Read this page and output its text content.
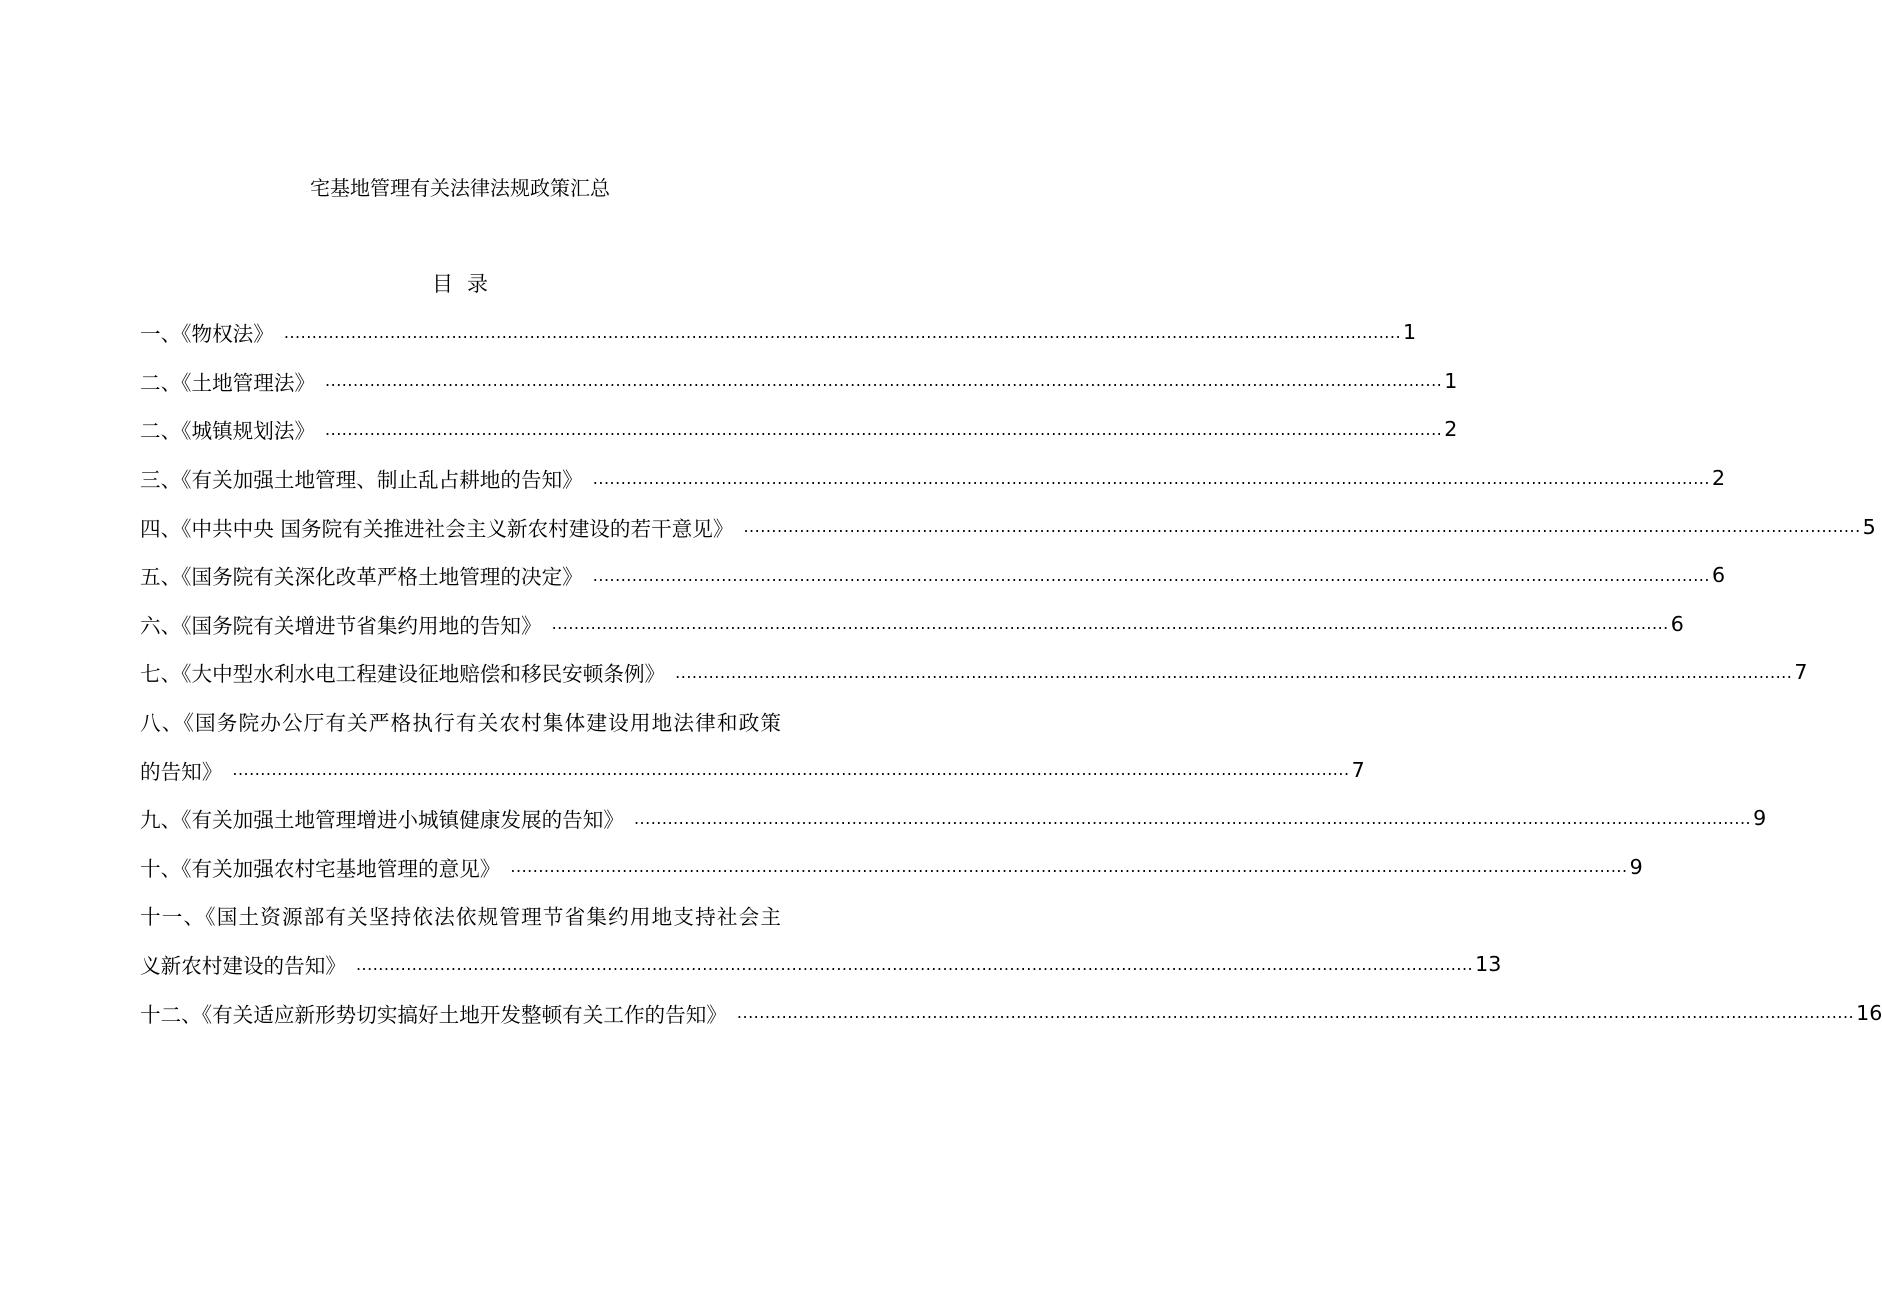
宅基地管理有关法律法规政策汇总
目录
一、《物权法》 ........................................................................................................................................................................................................ 1
二、《土地管理法》 ........................................................................................................................................................................................................ 1
二、《城镇规划法》 ........................................................................................................................................................................................................ 2
三、《有关加强土地管理、制止乱占耕地的告知》 ........................................................................................................................................................................................................ 2
四、《中共中央 国务院有关推进社会主义新农村建设的若干意见》 ........................................................................................................................................................................................................ 5
五、《国务院有关深化改革严格土地管理的决定》 ........................................................................................................................................................................................................ 6
六、《国务院有关增进节省集约用地的告知》 ........................................................................................................................................................................................................ 6
七、《大中型水利水电工程建设征地赔偿和移民安顿条例》 ........................................................................................................................................................................................................ 7
八、《国务院办公厅有关严格执行有关农村集体建设用地法律和政策
的告知》 ........................................................................................................................................................................................................ 7
九、《有关加强土地管理增进小城镇健康发展的告知》 ........................................................................................................................................................................................................ 9
十、《有关加强农村宅基地管理的意见》 ........................................................................................................................................................................................................ 9
十一、《国土资源部有关坚持依法依规管理节省集约用地支持社会主
义新农村建设的告知》 ........................................................................................................................................................................................................ 13
十二、《有关适应新形势切实搞好土地开发整顿有关工作的告知》 ........................................................................................................................................................................................................ 16
